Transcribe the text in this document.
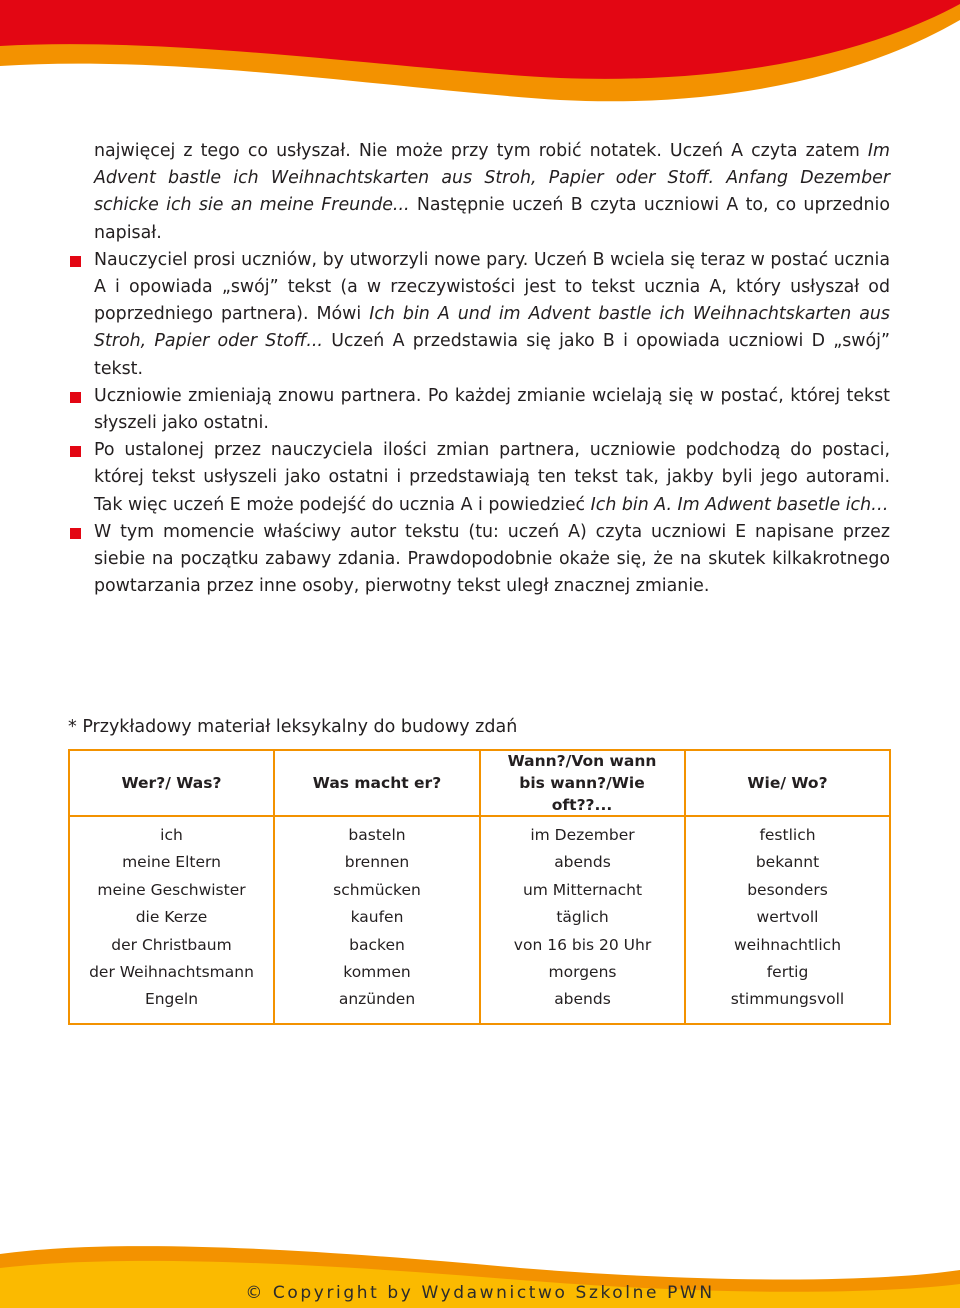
najwięcej z tego co usłyszał. Nie może przy tym robić notatek. Uczeń A czyta zatem Im Advent bastle ich Weihnachtskarten aus Stroh, Papier oder Stoff. Anfang Dezember schicke ich sie an meine Freunde... Następnie uczeń B czyta uczniowi A to, co uprzednio napisał.

Nauczyciel prosi uczniów, by utworzyli nowe pary. Uczeń B wciela się teraz w postać ucznia A i opowiada „swój” tekst (a w rzeczywistości jest to tekst ucznia A, który usłyszał od poprzedniego partnera). Mówi Ich bin A und im Advent bastle ich Weihnachtskarten aus Stroh, Papier oder Stoff... Uczeń A przedstawia się jako B i opowiada uczniowi D „swój” tekst.
Uczniowie zmieniają znowu partnera. Po każdej zmianie wcielają się w postać, której tekst słyszeli jako ostatni.
Po ustalonej przez nauczyciela ilości zmian partnera, uczniowie podchodzą do postaci, której tekst usłyszeli jako ostatni i przedstawiają ten tekst tak, jakby byli jego autorami. Tak więc uczeń E może podejść do ucznia A i powiedzieć Ich bin A. Im Adwent basetle ich…
W tym momencie właściwy autor tekstu (tu: uczeń A) czyta uczniowi E napisane przez siebie na początku zabawy zdania. Prawdopodobnie okaże się, że na skutek kilkakrotnego powtarzania przez inne osoby, pierwotny tekst uległ znacznej zmianie.
* Przykładowy materiał leksykalny do budowy zdań
Wer?/ Was?	Was macht er?
Wann?/Von wann bis wann?/Wie oft??...
Wie/ Wo?
ich
meine Eltern
meine Geschwister
die Kerze
der Christbaum
der Weihnachtsmann
Engeln
basteln
brennen
schmücken
kaufen
backen
kommen
anzünden
im Dezember
abends
um Mitternacht
täglich
von 16 bis 20 Uhr
morgens
abends
festlich
bekannt
besonders
wertvoll
weihnachtlich
fertig
stimmungsvoll
© Copyright by Wydawnictwo Szkolne PWN
